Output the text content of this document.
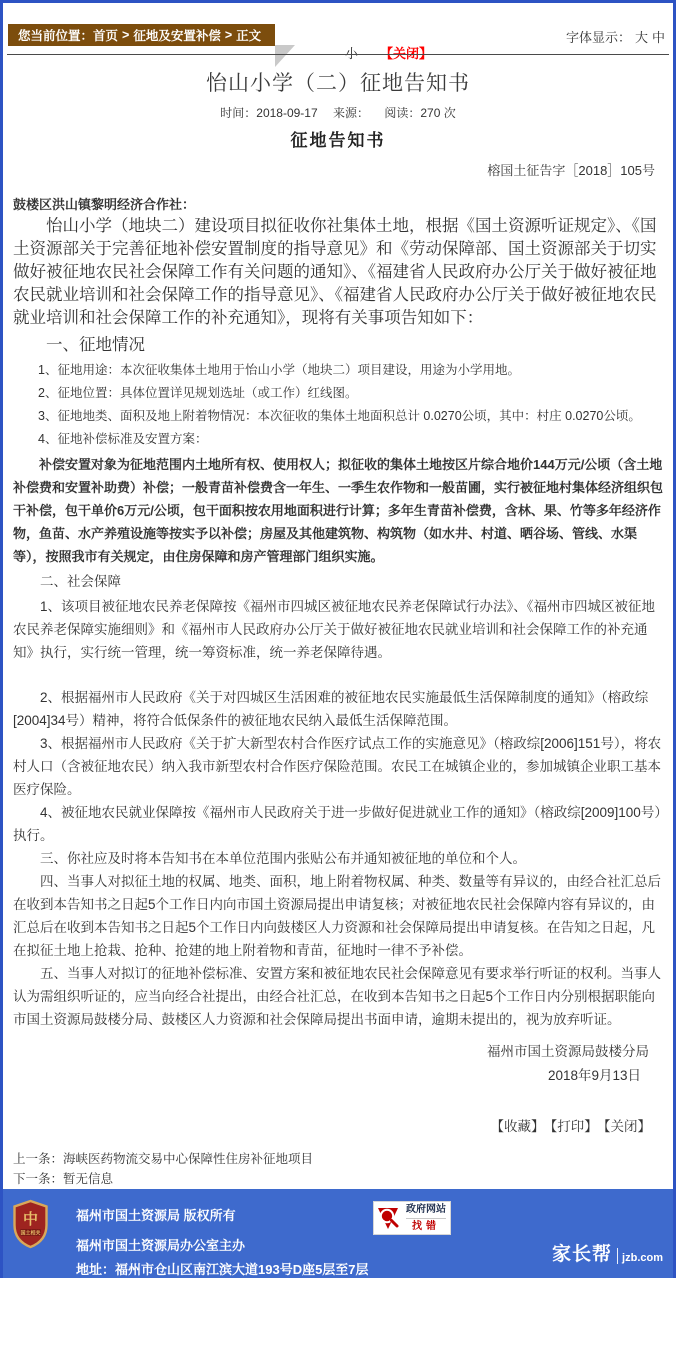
您当前位置： 首页 > 征地及安置补偿 > 正文	字体显示： 大 中
小 【关闭】
怡山小学（二）征地告知书
时间：2018-09-17 来源： 阅读：270 次
征地告知书
榕国土征告字［2018］105号

鼓楼区洪山镇黎明经济合作社：

怡山小学（地块二）建设项目拟征收你社集体土地，根据《国土资源听证规定》、《国土资源部关于完善征地补偿安置制度的指导意见》和《劳动保障部、国土资源部关于切实做好被征地农民社会保障工作有关问题的通知》、《福建省人民政府办公厅关于做好被征地农民就业培训和社会保障工作的指导意见》、《福建省人民政府办公厅关于做好被征地农民就业培训和社会保障工作的补充通知》，现将有关事项告知如下：

一、征地情况

1、征地用途：本次征收集体土地用于怡山小学（地块二）项目建设，用途为小学用地。

2、征地位置：具体位置详见规划选址（或工作）红线图。

3、征地地类、面积及地上附着物情况：本次征收的集体土地面积总计 0.0270公顷，其中：村庄 0.0270公顷。

4、征地补偿标准及安置方案：

补偿安置对象为征地范围内土地所有权、使用权人；拟征收的集体土地按区片综合地价144万元/公顷（含土地补偿费和安置补助费）补偿；一般青苗补偿费含一年生、一季生农作物和一般苗圃，实行被征地村集体经济组织包干补偿，包干单价6万元/公顷，包干面积按农用地面积进行计算；多年生青苗补偿费，含林、果、竹等多年经济作物，鱼苗、水产养殖设施等按实予以补偿；房屋及其他建筑物、构筑物（如水井、村道、晒谷场、管线、水渠等），按照我市有关规定，由住房保障和房产管理部门组织实施。

二、社会保障

1、该项目被征地农民养老保障按《福州市四城区被征地农民养老保障试行办法》、《福州市四城区被征地农民养老保障实施细则》和《福州市人民政府办公厅关于做好被征地农民就业培训和社会保障工作的补充通知》执行，实行统一管理，统一筹资标准，统一养老保障待遇。

2、根据福州市人民政府《关于对四城区生活困难的被征地农民实施最低生活保障制度的通知》（榕政综[2004]34号）精神，将符合低保条件的被征地农民纳入最低生活保障范围。

3、根据福州市人民政府《关于扩大新型农村合作医疗试点工作的实施意见》（榕政综[2006]151号），将农村人口（含被征地农民）纳入我市新型农村合作医疗保险范围。农民工在城镇企业的，参加城镇企业职工基本医疗保险。

4、被征地农民就业保障按《福州市人民政府关于进一步做好促进就业工作的通知》（榕政综[2009]100号）执行。

三、你社应及时将本告知书在本单位范围内张贴公布并通知被征地的单位和个人。

四、当事人对拟征土地的权属、地类、面积，地上附着物权属、种类、数量等有异议的，由经合社汇总后在收到本告知书之日起5个工作日内向市国土资源局提出申请复核；对被征地农民社会保障内容有异议的，由汇总后在收到本告知书之日起5个工作日内向鼓楼区人力资源和社会保障局提出申请复核。在告知之日起，凡在拟征土地上抢栽、抢种、抢建的地上附着物和青苗，征地时一律不予补偿。

五、当事人对拟订的征地补偿标准、安置方案和被征地农民社会保障意见有要求举行听证的权利。当事人认为需组织听证的，应当向经合社提出，由经合社汇总，在收到本告知书之日起5个工作日内分别根据职能向市国土资源局鼓楼分局、鼓楼区人力资源和社会保障局提出书面申请，逾期未提出的，视为放弃听证。

福州市国土资源局鼓楼分局
2018年9月13日
【收藏】 【打印】 【关闭】
上一条：海峡医药物流交易中心保障性住房补征地项目
下一条：暂无信息
中
国土相关
福州市国土资源局 版权所有
福州市国土资源局办公室主办
地址：福州市仓山区南江滨大道193号D座5层至7层
网站标识码:3501000025	网站备案号：闽ICP备06000998号
邮编：350007 电话：0591-83327490 传真：0591-83370345
站点地图
政府网站
找错
家长帮 jzb.com
